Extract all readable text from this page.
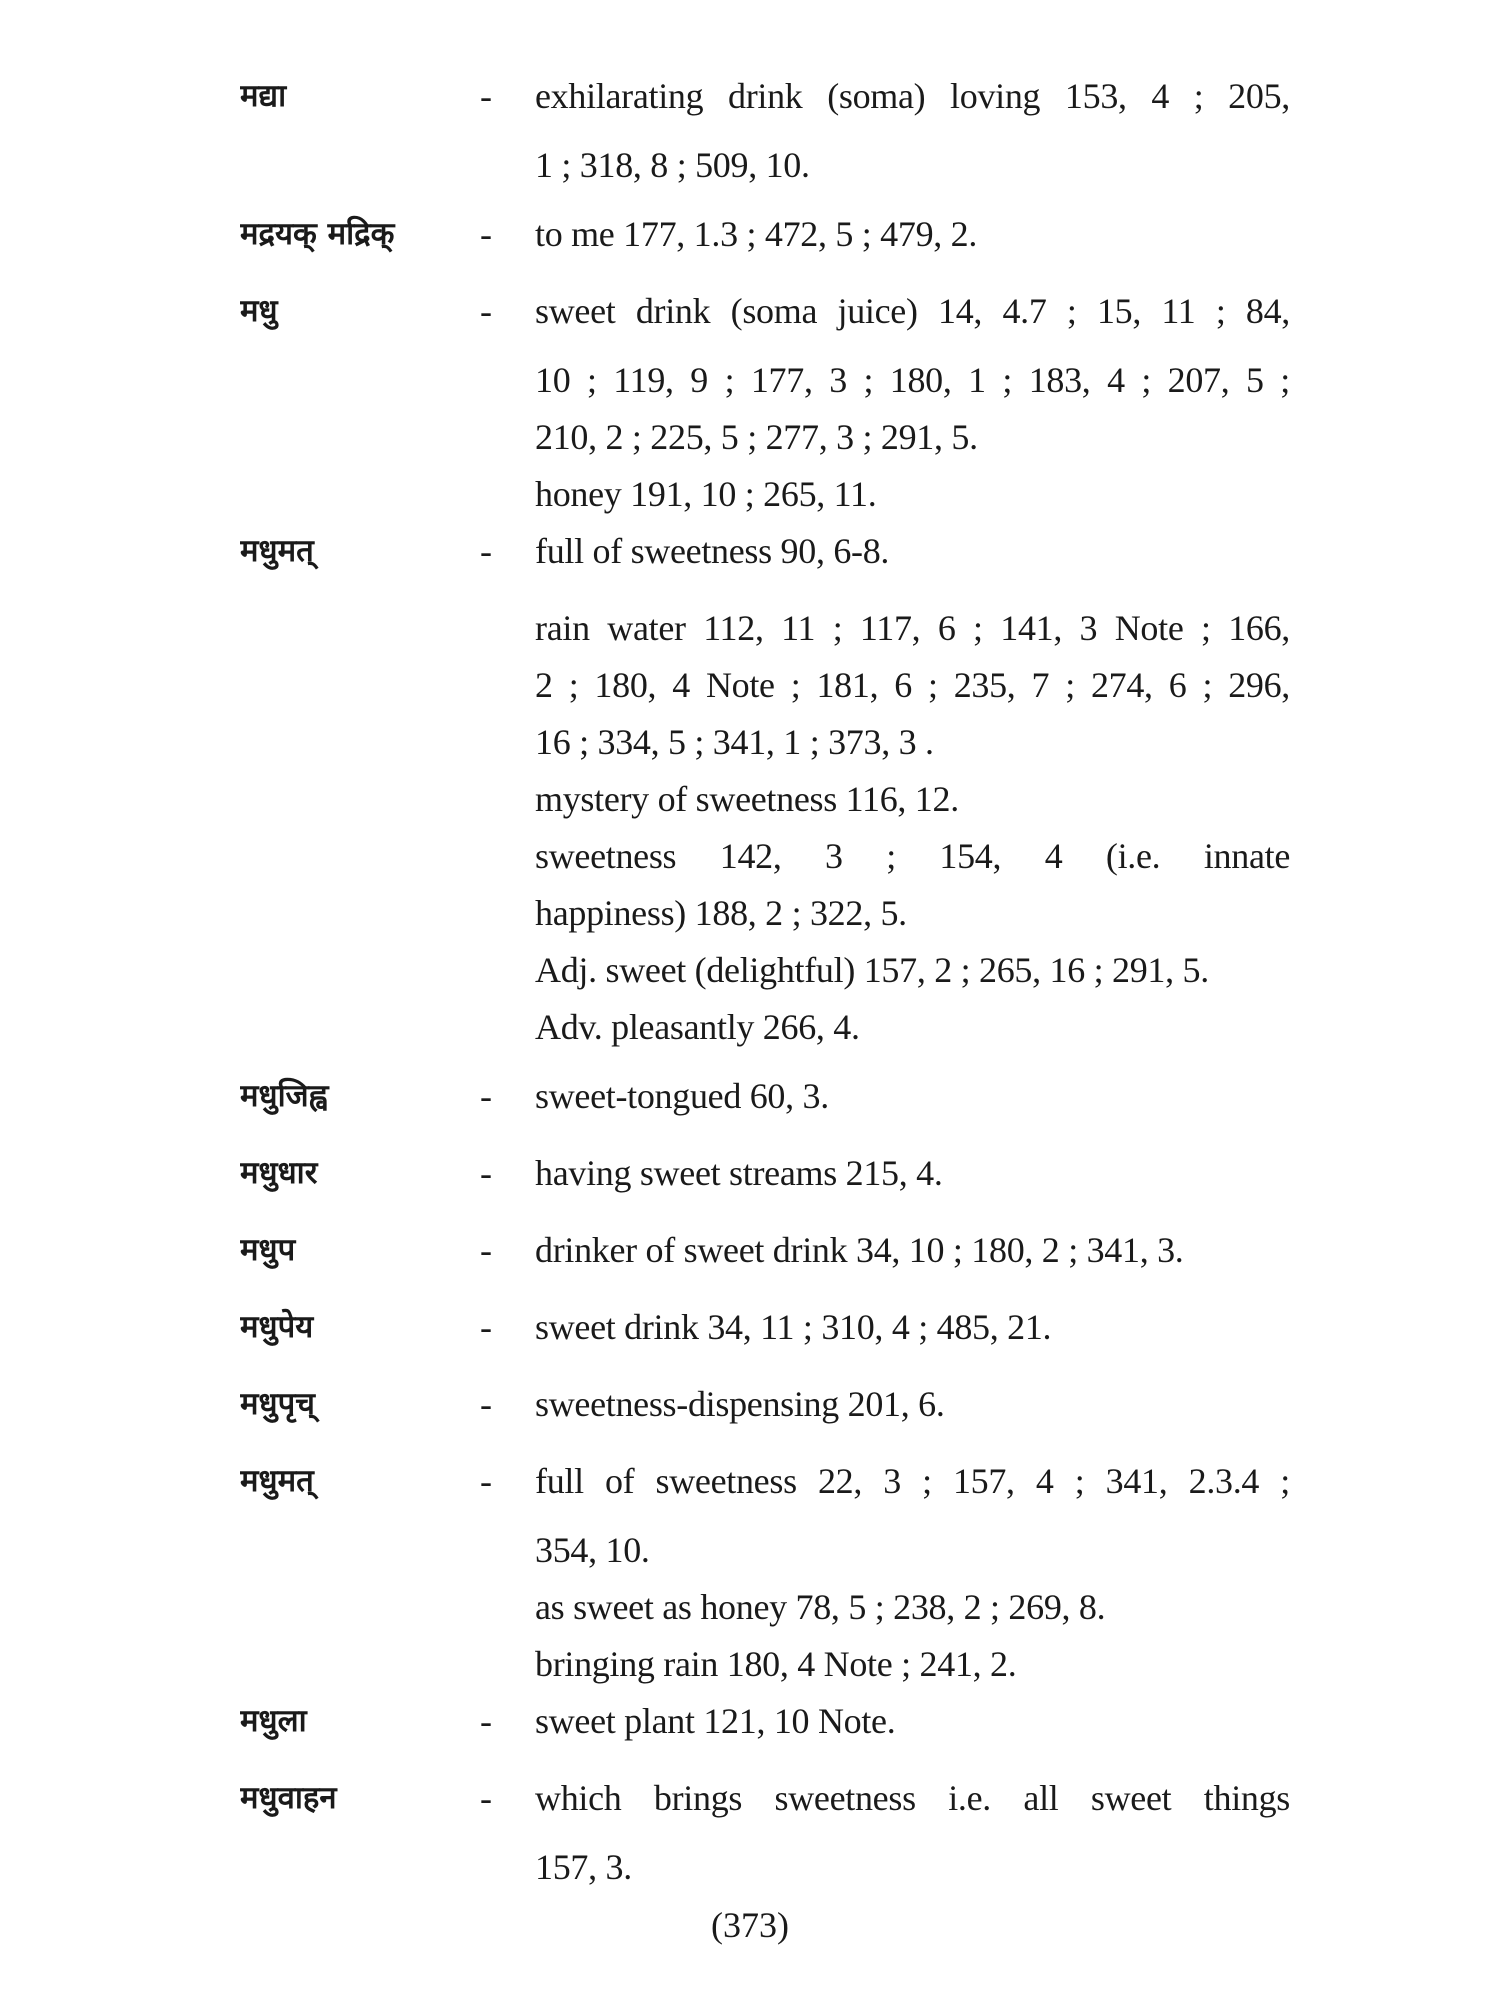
मद्या	-	exhilarating drink (soma) loving 153, 4 ; 205,

1 ; 318, 8 ; 509, 10.

मद्रयक् मद्रिक्	-	to me 177, 1.3 ; 472, 5 ; 479, 2.

मधु	-	sweet drink (soma juice) 14, 4.7 ; 15, 11 ; 84,

10 ; 119, 9 ; 177, 3 ; 180, 1 ; 183, 4 ; 207, 5 ;

210, 2 ; 225, 5 ; 277, 3 ; 291, 5.

honey 191, 10 ; 265, 11.

मधुमत्	-	full of sweetness 90, 6-8.

rain water 112, 11 ; 117, 6 ; 141, 3 Note ; 166,

2 ; 180, 4 Note ; 181, 6 ; 235, 7 ; 274, 6 ; 296,

16 ; 334, 5 ; 341, 1 ; 373, 3 .

mystery of sweetness 116, 12.

sweetness 142, 3 ; 154, 4 (i.e. innate

happiness) 188, 2 ; 322, 5.

Adj. sweet (delightful) 157, 2 ; 265, 16 ; 291, 5.

Adv. pleasantly 266, 4.

मधुजिह्व	-	sweet-tongued 60, 3.

मधुधार	-	having sweet streams 215, 4.

मधुप	-	drinker of sweet drink 34, 10 ; 180, 2 ; 341, 3.

मधुपेय	-	sweet drink 34, 11 ; 310, 4 ; 485, 21.

मधुपृच्	-	sweetness-dispensing 201, 6.

मधुमत्	-	full of sweetness 22, 3 ; 157, 4 ; 341, 2.3.4 ;

354, 10.

as sweet as honey 78, 5 ; 238, 2 ; 269, 8.

bringing rain 180, 4 Note ; 241, 2.

मधुला	-	sweet plant 121, 10 Note.

मधुवाहन	-	which brings sweetness i.e. all sweet things

157, 3.

(373)
